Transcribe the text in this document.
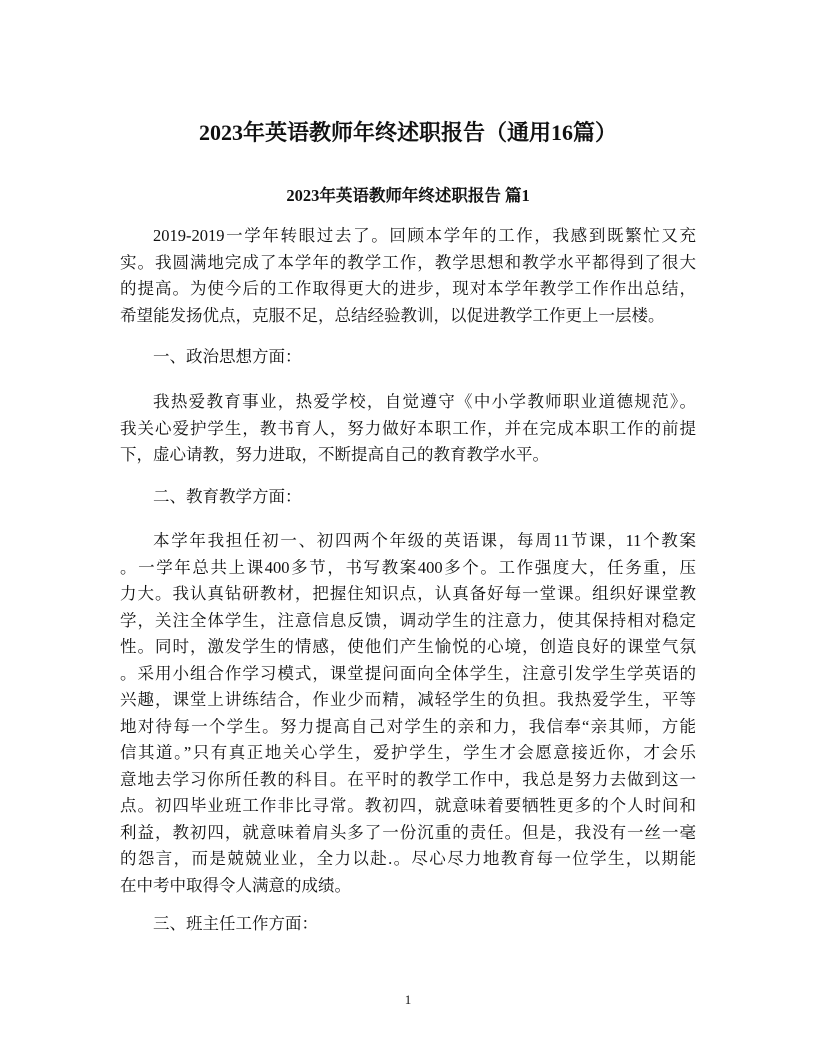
2023年英语教师年终述职报告（通用16篇）
2023年英语教师年终述职报告 篇1
2019-2019一学年转眼过去了。回顾本学年的工作，我感到既繁忙又充
实。我圆满地完成了本学年的教学工作，教学思想和教学水平都得到了很大
的提高。为使今后的工作取得更大的进步，现对本学年教学工作作出总结，
希望能发扬优点，克服不足，总结经验教训，以促进教学工作更上一层楼。
一、政治思想方面：
我热爱教育事业，热爱学校，自觉遵守《中小学教师职业道德规范》。
我关心爱护学生，教书育人，努力做好本职工作，并在完成本职工作的前提
下，虚心请教，努力进取，不断提高自己的教育教学水平。
二、教育教学方面：
本学年我担任初一、初四两个年级的英语课，每周11节课，11个教案
。一学年总共上课400多节，书写教案400多个。工作强度大，任务重，压
力大。我认真钻研教材，把握住知识点，认真备好每一堂课。组织好课堂教
学，关注全体学生，注意信息反馈，调动学生的注意力，使其保持相对稳定
性。同时，激发学生的情感，使他们产生愉悦的心境，创造良好的课堂气氛
。采用小组合作学习模式，课堂提问面向全体学生，注意引发学生学英语的
兴趣，课堂上讲练结合，作业少而精，减轻学生的负担。我热爱学生，平等
地对待每一个学生。努力提高自己对学生的亲和力，我信奉“亲其师，方能
信其道。”只有真正地关心学生，爱护学生，学生才会愿意接近你，才会乐
意地去学习你所任教的科目。在平时的教学工作中，我总是努力去做到这一
点。初四毕业班工作非比寻常。教初四，就意味着要牺牲更多的个人时间和
利益，教初四，就意味着肩头多了一份沉重的责任。但是，我没有一丝一毫
的怨言，而是兢兢业业，全力以赴.。尽心尽力地教育每一位学生，以期能
在中考中取得令人满意的成绩。
三、班主任工作方面：
1
